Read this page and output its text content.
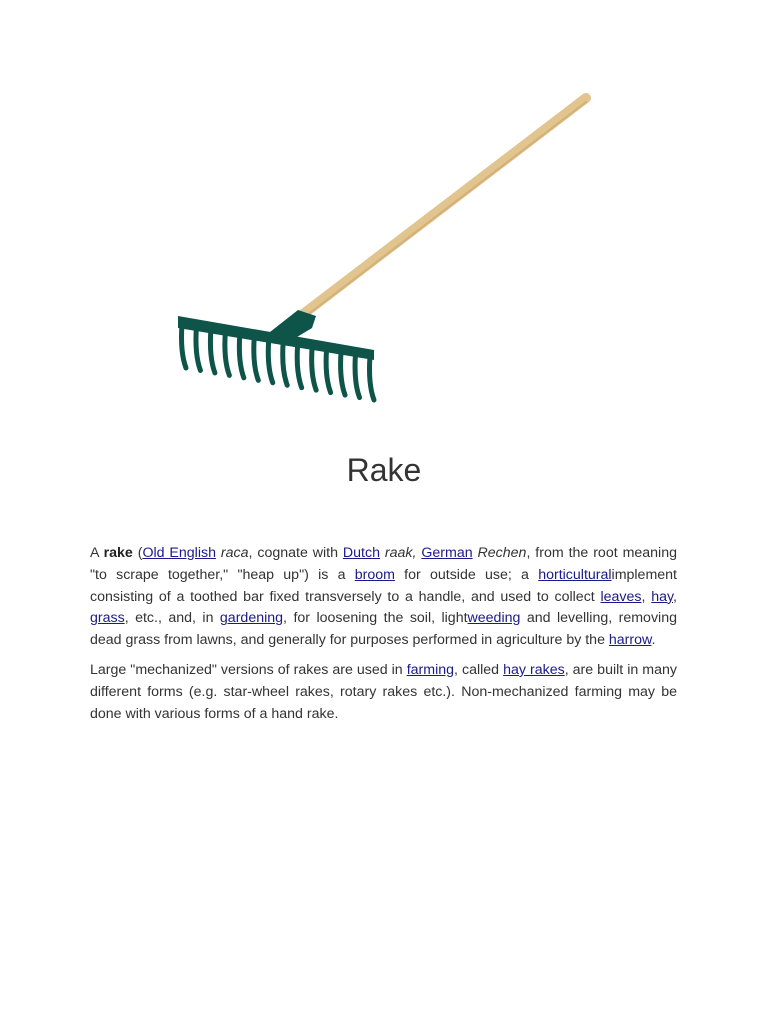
Rake

A rake (Old English raca, cognate with Dutch raak, German Rechen, from the root meaning "to scrape together," "heap up") is a broom for outside use; a horticulturalimplement consisting of a toothed bar fixed transversely to a handle, and used to collect leaves, hay, grass, etc., and, in gardening, for loosening the soil, lightweeding and levelling, removing dead grass from lawns, and generally for purposes performed in agriculture by the harrow.

Large "mechanized" versions of rakes are used in farming, called hay rakes, are built in many different forms (e.g. star-wheel rakes, rotary rakes etc.). Non-mechanized farming may be done with various forms of a hand rake.
